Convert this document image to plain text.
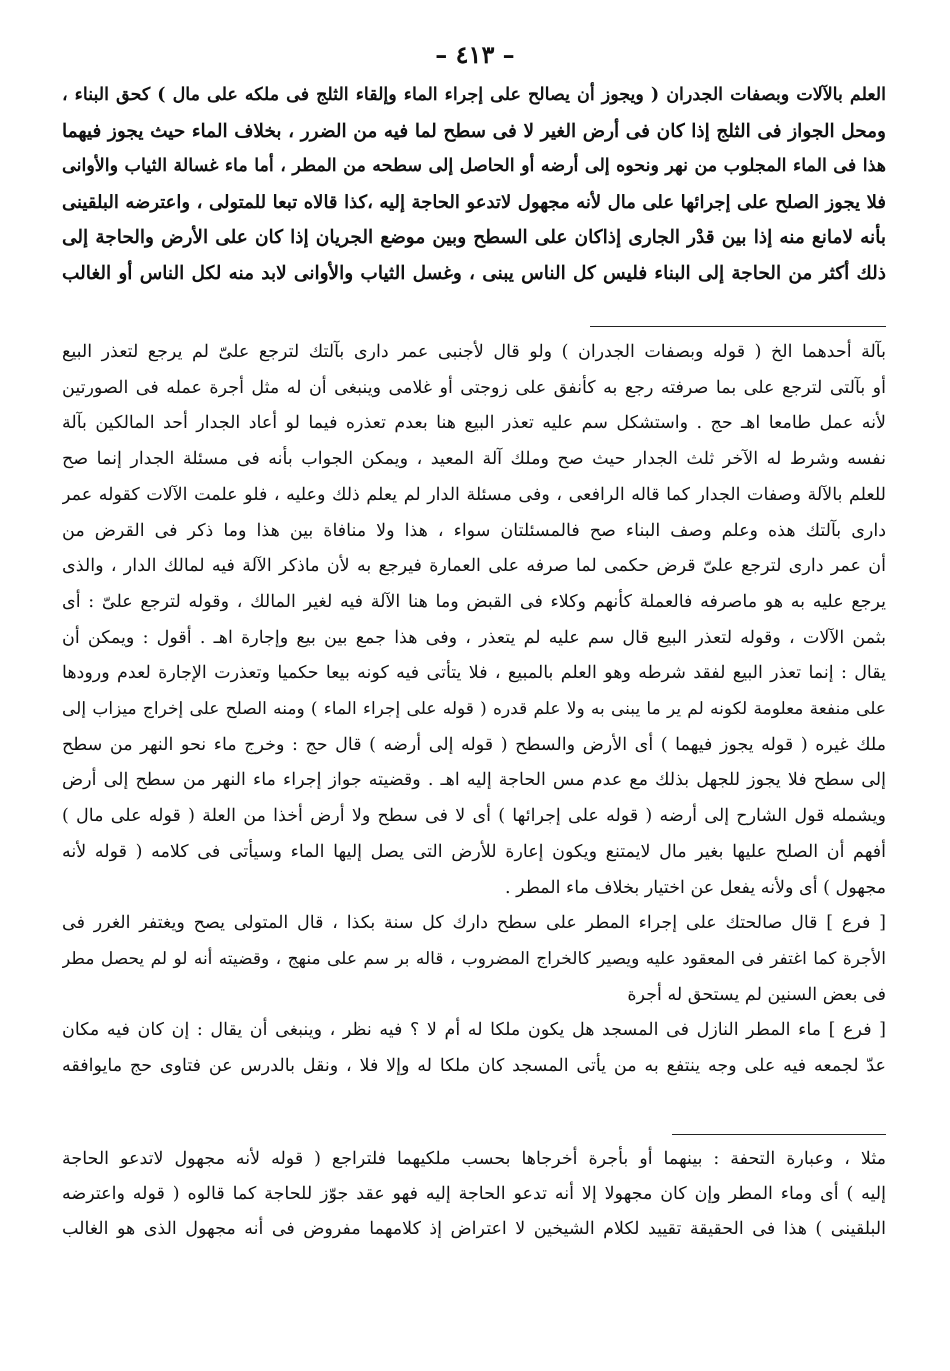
– ٤١٣ –
العلم بالآلات وبصفات الجدران ( ويجوز أن يصالح على إجراء الماء وإلقاء الثلج فى ملكه على مال ) كحق البناء ،
ومحل الجواز فى الثلج إذا كان فى أرض الغير لا فى سطح لما فيه من الضرر ، بخلاف الماء حيث يجوز فيهما
هذا فى الماء المجلوب من نهر ونحوه إلى أرضه أو الحاصل إلى سطحه من المطر ، أما ماء غسالة الثياب والأوانى
فلا يجوز الصلح على إجرائها على مال لأنه مجهول لاتدعو الحاجة إليه ،كذا قالاه تبعا للمتولى ، واعترضه البلقينى
بأنه لامانع منه إذا بين قدْر الجارى إذاكان على السطح وبين موضع الجريان إذا كان على الأرض والحاجة إلى
ذلك أكثر من الحاجة إلى البناء فليس كل الناس يبنى ، وغسل الثياب والأوانى لابد منه لكل الناس أو الغالب
بآلة أحدهما الخ ( قوله وبصفات الجدران ) ولو قال لأجنبى عمر دارى بآلتك لترجع علىّ لم يرجع لتعذر البيع
أو بآلتى لترجع على بما صرفته رجع به كأنفق على زوجتى أو غلامى وينبغى أن له مثل أجرة عمله فى الصورتين
لأنه عمل طامعا اهـ حج . واستشكل سم عليه تعذر البيع هنا بعدم تعذره فيما لو أعاد الجدار أحد المالكين بآلة
نفسه وشرط له الآخر ثلث الجدار حيث صح وملك آلة المعيد ، ويمكن الجواب بأنه فى مسئلة الجدار إنما صح
للعلم بالآلة وصفات الجدار كما قاله الرافعى ، وفى مسئلة الدار لم يعلم ذلك وعليه ، فلو علمت الآلات كقوله عمر
دارى بآلتك هذه وعلم وصف البناء صح فالمسئلتان سواء ، هذا ولا منافاة بين هذا وما ذكر فى القرض من
أن عمر دارى لترجع علىّ قرض حكمى لما صرفه على العمارة فيرجع به لأن ماذكر الآلة فيه لمالك الدار ، والذى
يرجع عليه به هو ماصرفه فالعملة كأنهم وكلاء فى القبض وما هنا الآلة فيه لغير المالك ، وقوله لترجع علىّ : أى
بثمن الآلات ، وقوله لتعذر البيع قال سم عليه لم يتعذر ، وفى هذا جمع بين بيع وإجارة اهـ . أقول : ويمكن أن
يقال : إنما تعذر البيع لفقد شرطه وهو العلم بالمبيع ، فلا يتأتى فيه كونه بيعا حكميا وتعذرت الإجارة لعدم ورودها
على منفعة معلومة لكونه لم ير ما يبنى به ولا علم قدره ( قوله على إجراء الماء ) ومنه الصلح على إخراج ميزاب إلى
ملك غيره ( قوله يجوز فيهما ) أى الأرض والسطح ( قوله إلى أرضه ) قال حج : وخرج ماء نحو النهر من سطح
إلى سطح فلا يجوز للجهل بذلك مع عدم مس الحاجة إليه اهـ . وقضيته جواز إجراء ماء النهر من سطح إلى أرض
ويشمله قول الشارح إلى أرضه ( قوله على إجرائها ) أى لا فى سطح ولا أرض أخذا من العلة ( قوله على مال )
أفهم أن الصلح عليها بغير مال لايمتنع ويكون إعارة للأرض التى يصل إليها الماء وسيأتى فى كلامه ( قوله لأنه
مجهول ) أى ولأنه يفعل عن اختيار بخلاف ماء المطر .
[ فرع ] قال صالحتك على إجراء المطر على سطح دارك كل سنة بكذا ، قال المتولى يصح ويغتفر الغرر فى
الأجرة كما اغتفر فى المعقود عليه ويصير كالخراج المضروب ، قاله بر سم على منهج ، وقضيته أنه لو لم يحصل مطر
فى بعض السنين لم يستحق له أجرة
[ فرع ] ماء المطر النازل فى المسجد هل يكون ملكا له أم لا ؟ فيه نظر ، وينبغى أن يقال : إن كان فيه مكان
عدّ لجمعه فيه على وجه ينتفع به من يأتى المسجد كان ملكا له وإلا فلا ، ونقل بالدرس عن فتاوى حج مايوافقه
مثلا ، وعبارة التحفة : بينهما أو بأجرة أخرجاها بحسب ملكيهما فلتراجع ( قوله لأنه مجهول لاتدعو الحاجة
إليه ) أى وماء المطر وإن كان مجهولا إلا أنه تدعو الحاجة إليه فهو عقد جوّز للحاجة كما قالوه ( قوله واعترضه
البلقينى ) هذا فى الحقيقة تقييد لكلام الشيخين لا اعتراض إذ كلامهما مفروض فى أنه مجهول الذى هو الغالب
